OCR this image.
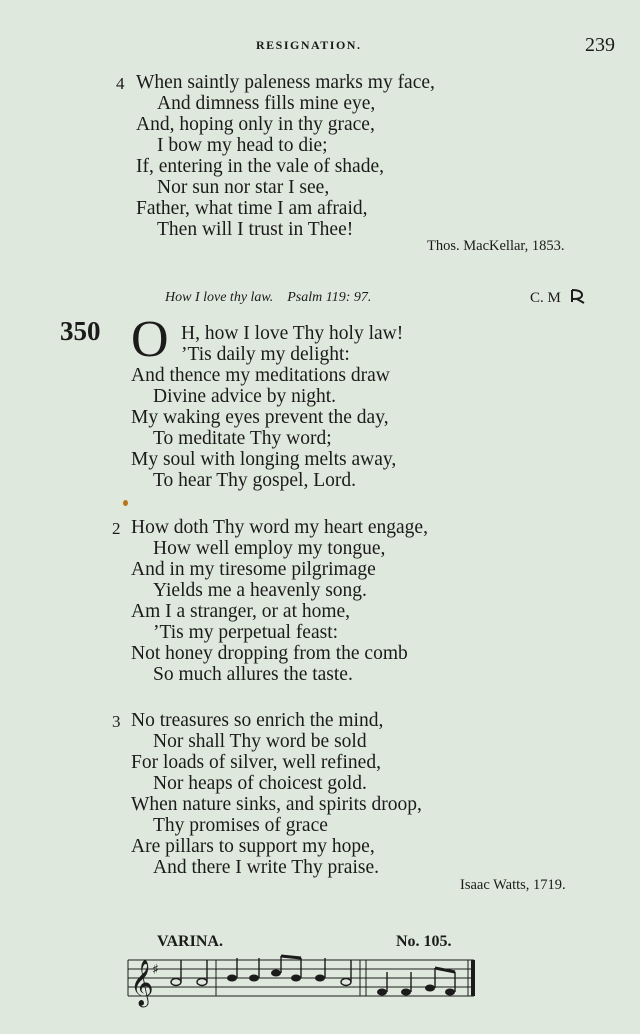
RESIGNATION.	239
4 When saintly paleness marks my face,
And dimness fills mine eye,
And, hoping only in thy grace,
I bow my head to die;
If, entering in the vale of shade,
Nor sun nor star I see,
Father, what time I am afraid,
Then will I trust in Thee!
Thos. MacKellar, 1853.
How I love thy law. Psalm 119: 97.	C. M
350 O H, how I love Thy holy law!
’Tis daily my delight:
And thence my meditations draw
Divine advice by night.
My waking eyes prevent the day,
To meditate Thy word;
My soul with longing melts away,
To hear Thy gospel, Lord.
2 How doth Thy word my heart engage,
How well employ my tongue,
And in my tiresome pilgrimage
Yields me a heavenly song.
Am I a stranger, or at home,
’Tis my perpetual feast:
Not honey dropping from the comb
So much allures the taste.
3 No treasures so enrich the mind,
Nor shall Thy word be sold
For loads of silver, well refined,
Nor heaps of choicest gold.
When nature sinks, and spirits droop,
Thy promises of grace
Are pillars to support my hope,
And there I write Thy praise.
Isaac Watts, 1719.
VARINA.	No. 105.
𝄞
♯
